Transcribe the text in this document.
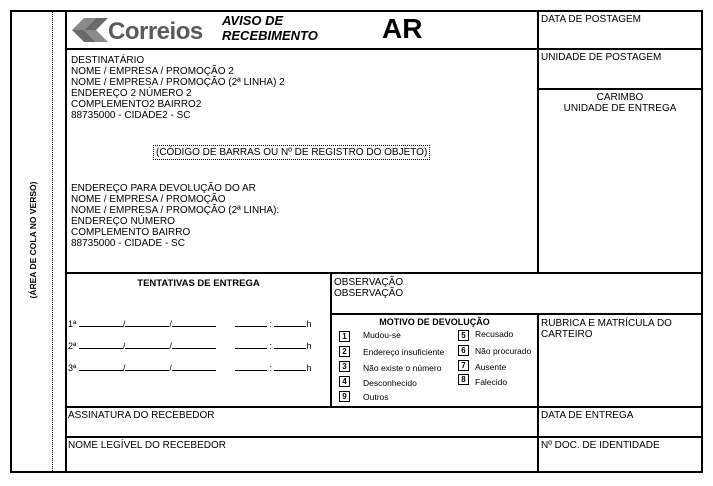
(ÁREA DE COLA NO VERSO)
Correios AVISO DE
RECEBIMENTO AR	DATA DE POSTAGEM
UNIDADE DE POSTAGEM
CARIMBO
UNIDADE DE ENTREGA
DESTINATÁRIO
NOME / EMPRESA / PROMOÇÃO 2
NOME / EMPRESA / PROMOÇÃO (2ª LINHA) 2
ENDEREÇO 2 NÚMERO 2
COMPLEMENTO2 BAIRRO2
88735000 - CIDADE2 - SC
(CÓDIGO DE BARRAS OU Nº DE REGISTRO DO OBJETO)
ENDEREÇO PARA DEVOLUÇÃO DO AR
NOME / EMPRESA / PROMOÇÃO
NOME / EMPRESA / PROMOÇÃO (2ª LINHA):
ENDEREÇO NÚMERO
COMPLEMENTO BAIRRO
88735000 - CIDADE - SC
TENTATIVAS DE ENTREGA
1ª	/	/	:	h
2ª	/	/	:	h
3ª	/	/	:	h
OBSERVAÇÃO
OBSERVAÇÃO
MOTIVO DE DEVOLUÇÃO
1	Mudou-se
2	Endereço insuficiente
3	Não existe o número
4	Desconhecido
9	Outros
5	Recusado
6	Não procurado
7	Ausente
8	Falecido
RUBRICA E MATRÍCULA DO CARTEIRO
ASSINATURA DO RECEBEDOR	DATA DE ENTREGA
NOME LEGÍVEL DO RECEBEDOR	Nº DOC. DE IDENTIDADE
